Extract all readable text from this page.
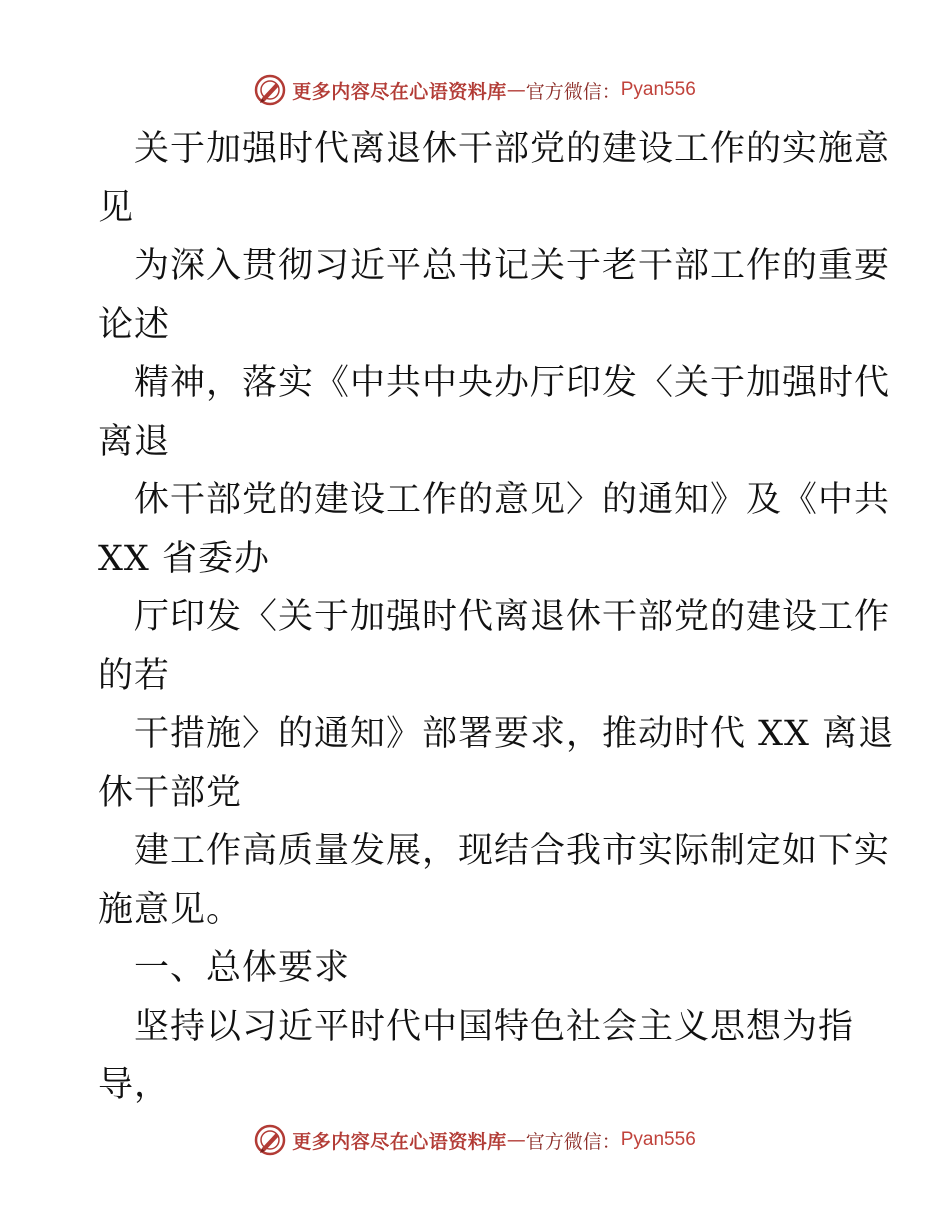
更多内容尽在心语资料库 — 官方微信： Pyan556
关于加强时代离退休干部党的建设工作的实施意
见
为深入贯彻习近平总书记关于老干部工作的重要
论述
精神，落实《中共中央办厅印发〈关于加强时代
离退
休干部党的建设工作的意见〉的通知》及《中共
XX 省委办
厅印发〈关于加强时代离退休干部党的建设工作
的若
干措施〉的通知》部署要求，推动时代 XX 离退
休干部党
建工作高质量发展，现结合我市实际制定如下实
施意见。
一、总体要求
坚持以习近平时代中国特色社会主义思想为指
导，
更多内容尽在心语资料库 — 官方微信： Pyan556
